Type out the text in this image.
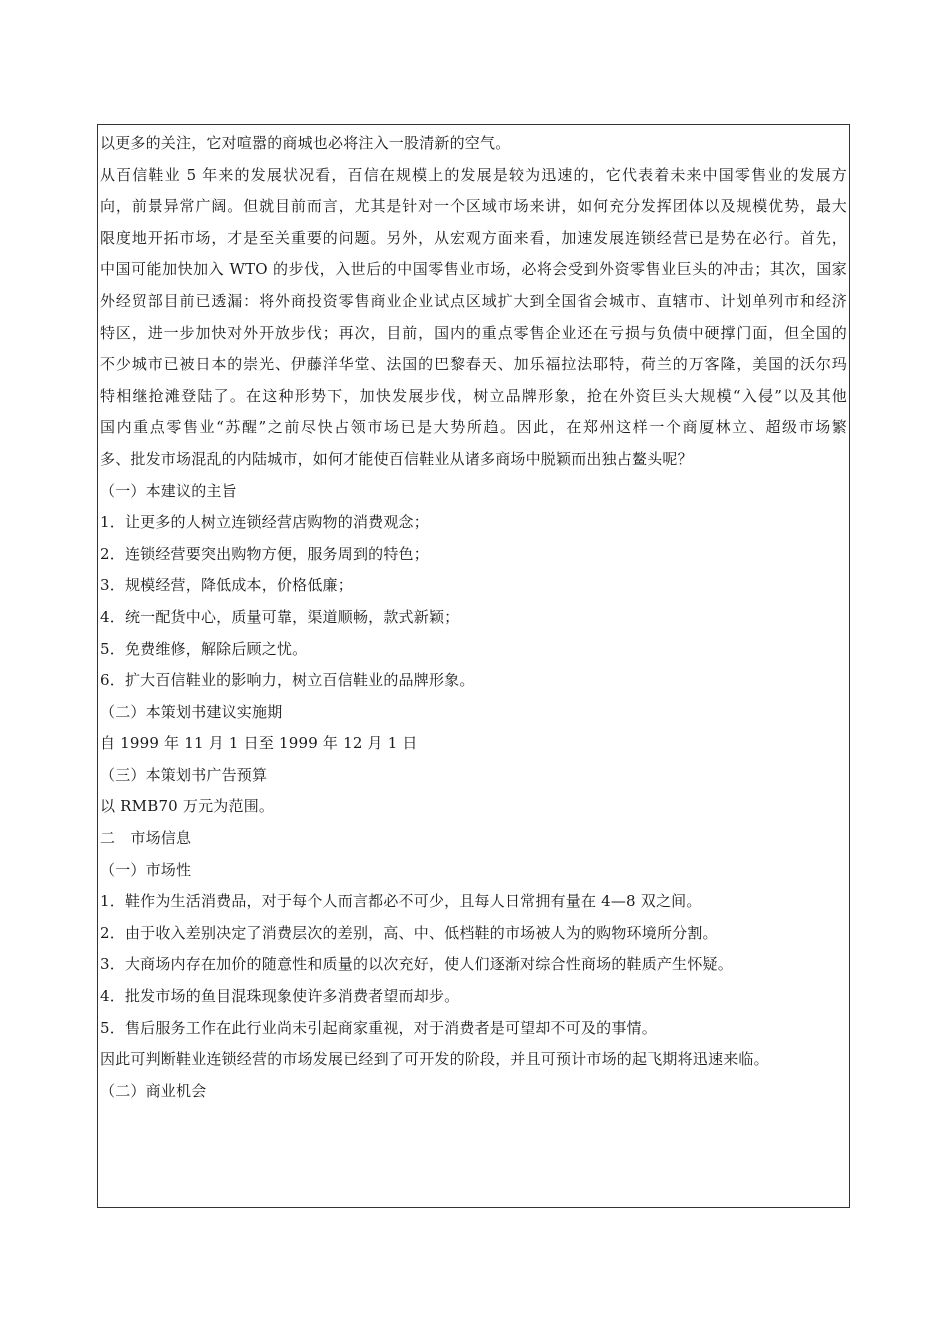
以更多的关注，它对喧嚣的商城也必将注入一股清新的空气。
从百信鞋业 5 年来的发展状况看，百信在规模上的发展是较为迅速的，它代表着未来中国零售业的发展方
向，前景异常广阔。但就目前而言，尤其是针对一个区域市场来讲，如何充分发挥团体以及规模优势，最大
限度地开拓市场，才是至关重要的问题。另外，从宏观方面来看，加速发展连锁经营已是势在必行。首先，
中国可能加快加入 WTO 的步伐，入世后的中国零售业市场，必将会受到外资零售业巨头的冲击；其次，国家
外经贸部目前已透漏：将外商投资零售商业企业试点区域扩大到全国省会城市、直辖市、计划单列市和经济
特区，进一步加快对外开放步伐；再次，目前，国内的重点零售企业还在亏损与负债中硬撑门面，但全国的
不少城市已被日本的崇光、伊藤洋华堂、法国的巴黎春天、加乐福拉法耶特，荷兰的万客隆，美国的沃尔玛
特相继抢滩登陆了。在这种形势下，加快发展步伐，树立品牌形象，抢在外资巨头大规模“入侵”以及其他
国内重点零售业“苏醒”之前尽快占领市场已是大势所趋。因此，在郑州这样一个商厦林立、超级市场繁
多、批发市场混乱的内陆城市，如何才能使百信鞋业从诸多商场中脱颖而出独占鳌头呢？
（一）本建议的主旨
1．让更多的人树立连锁经营店购物的消费观念；
2．连锁经营要突出购物方便，服务周到的特色；
3．规模经营，降低成本，价格低廉；
4．统一配货中心，质量可靠，渠道顺畅，款式新颖；
5．免费维修，解除后顾之忧。
6．扩大百信鞋业的影响力，树立百信鞋业的品牌形象。
（二）本策划书建议实施期
自 1999 年 11 月 1 日至 1999 年 12 月 1 日
（三）本策划书广告预算
以 RMB70 万元为范围。
二　市场信息
（一）市场性
1．鞋作为生活消费品，对于每个人而言都必不可少，且每人日常拥有量在 4—8 双之间。
2．由于收入差别决定了消费层次的差别，高、中、低档鞋的市场被人为的购物环境所分割。
3．大商场内存在加价的随意性和质量的以次充好，使人们逐渐对综合性商场的鞋质产生怀疑。
4．批发市场的鱼目混珠现象使许多消费者望而却步。
5．售后服务工作在此行业尚未引起商家重视，对于消费者是可望却不可及的事情。
因此可判断鞋业连锁经营的市场发展已经到了可开发的阶段，并且可预计市场的起飞期将迅速来临。
（二）商业机会
